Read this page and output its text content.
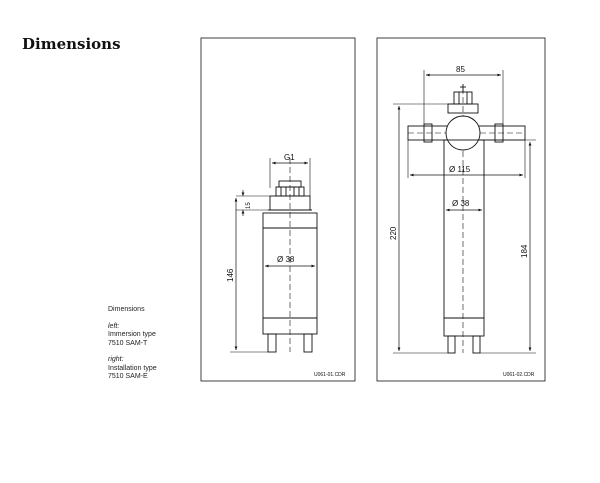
Dimensions
Dimensions
left:
Immersion type
7510 SAM-T
right:
Installation type
7510 SAM-E
G1
15
146
Ø 38
U061-01.CDR
85
Ø 115
Ø 38
220
184
U061-02.CDR
